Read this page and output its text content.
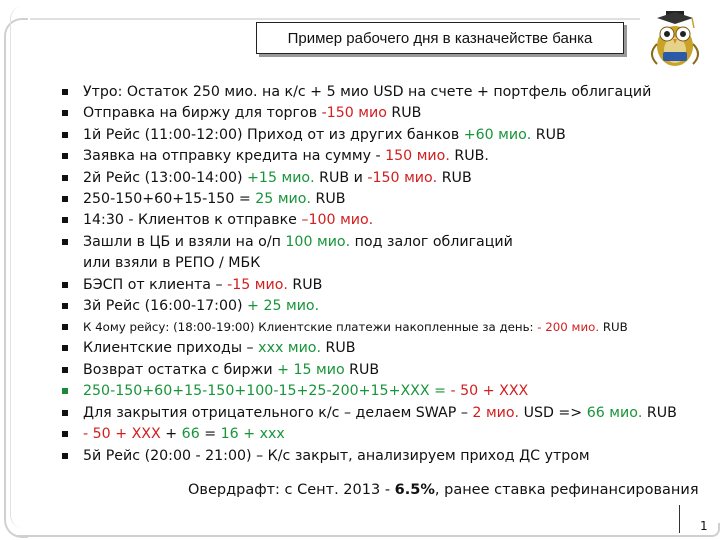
Пример рабочего дня в казначействе банка
Утро: Остаток 250 мио. на к/с + 5 мио USD на счете + портфель облигаций
Отправка на биржу для торгов -150 мио RUB
1й Рейс (11:00-12:00) Приход от из других банков +60 мио. RUB
Заявка на отправку кредита на сумму - 150 мио. RUB.
2й Рейс (13:00-14:00) +15 мио. RUB и -150 мио. RUB
250-150+60+15-150 = 25 мио. RUB
14:30 - Клиентов к отправке –100 мио.
Зашли в ЦБ и взяли на о/п 100 мио. под залог облигаций
или взяли в РЕПО / МБК
БЭСП от клиента – -15 мио. RUB
3й Рейс (16:00-17:00) + 25 мио.
К 4ому рейсу: (18:00-19:00) Клиентские платежи накопленные за день: - 200 мио. RUB
Клиентские приходы – ххх мио. RUB
Возврат остатка с биржи + 15 мио RUB
250-150+60+15-150+100-15+25-200+15+XXX = - 50 + XXX
Для закрытия отрицательного к/с – делаем SWAP – 2 мио. USD => 66 мио. RUB
- 50 + XXX + 66 = 16 + xxx
5й Рейс (20:00 - 21:00) – К/с закрыт, анализируем приход ДС утром
Овердрафт: с Сент. 2013 - 6.5%, ранее ставка рефинансирования
1
